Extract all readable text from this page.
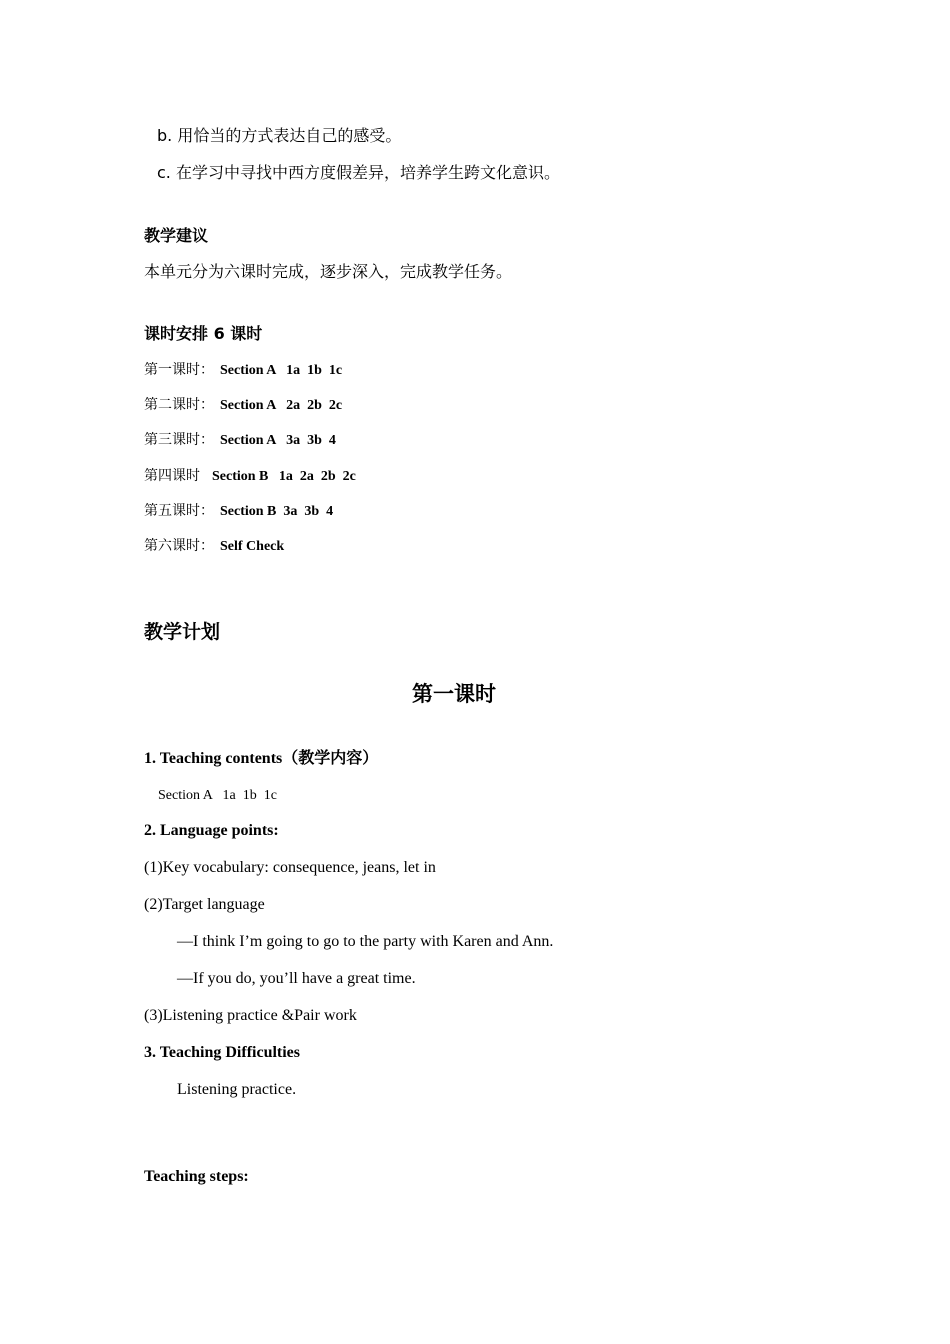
b. 用恰当的方式表达自己的感受。
c. 在学习中寻找中西方度假差异，培养学生跨文化意识。
教学建议
本单元分为六课时完成，逐步深入，完成教学任务。
课时安排 6 课时
第一课时： Section A   1a  1b  1c
第二课时： Section A   2a  2b  2c
第三课时： Section A   3a  3b  4
第四课时 Section B   1a  2a  2b  2c
第五课时： Section B  3a  3b  4
第六课时： Self Check
教学计划
第一课时
1. Teaching contents（教学内容）
Section A   1a  1b  1c
2. Language points:
(1)Key vocabulary: consequence, jeans, let in
(2)Target language
—I think I’m going to go to the party with Karen and Ann.
—If you do, you’ll have a great time.
(3)Listening practice &Pair work
3. Teaching Difficulties
Listening practice.
Teaching steps:
